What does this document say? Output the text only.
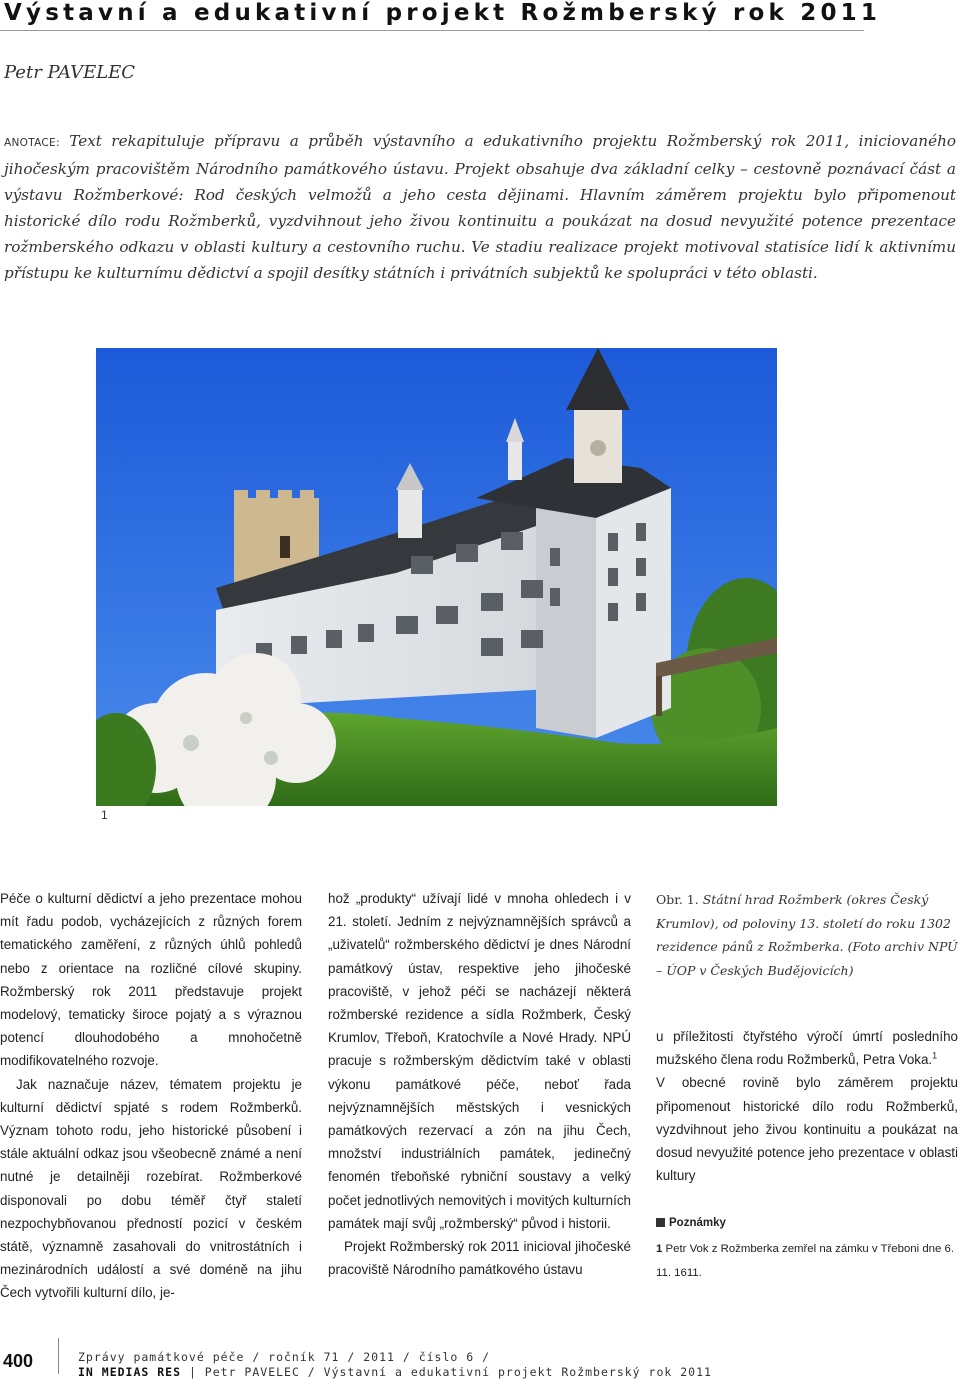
Výstavní a edukativní projekt Rožmberský rok 2011
Petr PAVELEC
ANOTACE: Text rekapituluje přípravu a průběh výstavního a edukativního projektu Rožmberský rok 2011, iniciovaného jihočeským pracovištěm Národního památkového ústavu. Projekt obsahuje dva základní celky – cestovně poznávací část a výstavu Rožmberkové: Rod českých velmožů a jeho cesta dějinami. Hlavním záměrem projektu bylo připomenout historické dílo rodu Rožmberků, vyzdvihnout jeho živou kontinuitu a poukázat na dosud nevyužité potence prezentace rožmberského odkazu v oblasti kultury a cestovního ruchu. Ve stadiu realizace projekt motivoval statisíce lidí k aktivnímu přístupu ke kulturnímu dědictví a spojil desítky státních i privátních subjektů ke spolupráci v této oblasti.
1

Péče o kulturní dědictví a jeho prezentace mohou mít řadu podob, vycházejících z různých forem tematického zaměření, z různých úhlů pohledů nebo z orientace na rozličné cílové skupiny. Rožmberský rok 2011 představuje projekt modelový, tematicky široce pojatý a s výraznou potencí dlouhodobého a mnohočetně modifikovatelného rozvoje.

Jak naznačuje název, tématem projektu je kulturní dědictví spjaté s rodem Rožmberků. Význam tohoto rodu, jeho historické působení i stále aktuální odkaz jsou všeobecně známé a není nutné je detailněji rozebírat. Rožmberkové disponovali po dobu téměř čtyř staletí nezpochybňovanou předností pozicí v českém státě, významně zasahovali do vnitrostátních i mezinárodních událostí a své doméně na jihu Čech vytvořili kulturní dílo, je-

hož „produkty“ užívají lidé v mnoha ohledech i v 21. století. Jedním z nejvýznamnějších správců a „uživatelů“ rožmberského dědictví je dnes Národní památkový ústav, respektive jeho jihočeské pracoviště, v jehož péči se nacházejí některá rožmberské rezidence a sídla Rožmberk, Český Krumlov, Třeboň, Kratochvíle a Nové Hrady. NPÚ pracuje s rožmberským dědictvím také v oblasti výkonu památkové péče, neboť řada nejvýznamnějších městských i vesnických památkových rezervací a zón na jihu Čech, množství industriálních památek, jedinečný fenomén třeboňské rybniční soustavy a velký počet jednotlivých nemovitých i movitých kulturních památek mají svůj „rožmberský“ původ i historii.

Projekt Rožmberský rok 2011 inicioval jihočeské pracoviště Národního památkového ústavu

Obr. 1. Státní hrad Rožmberk (okres Český Krumlov), od poloviny 13. století do roku 1302 rezidence pánů z Rožmberka. (Foto archiv NPÚ – ÚOP v Českých Budějovicích)

u příležitosti čtyřstého výročí úmrtí posledního mužského člena rodu Rožmberků, Petra Voka.$^1$

V obecné rovině bylo záměrem projektu připomenout historické dílo rodu Rožmberků, vyzdvihnout jeho živou kontinuitu a poukázat na dosud nevyužité potence jeho prezentace v oblasti kultury

Poznámky
1 Petr Vok z Rožmberka zemřel na zámku v Třeboni dne 6. 11. 1611.
400	Zprávy památkové péče / ročník 71 / 2011 / číslo 6 /
IN MEDIAS RES | Petr PAVELEC / Výstavní a edukativní projekt Rožmberský rok 2011
